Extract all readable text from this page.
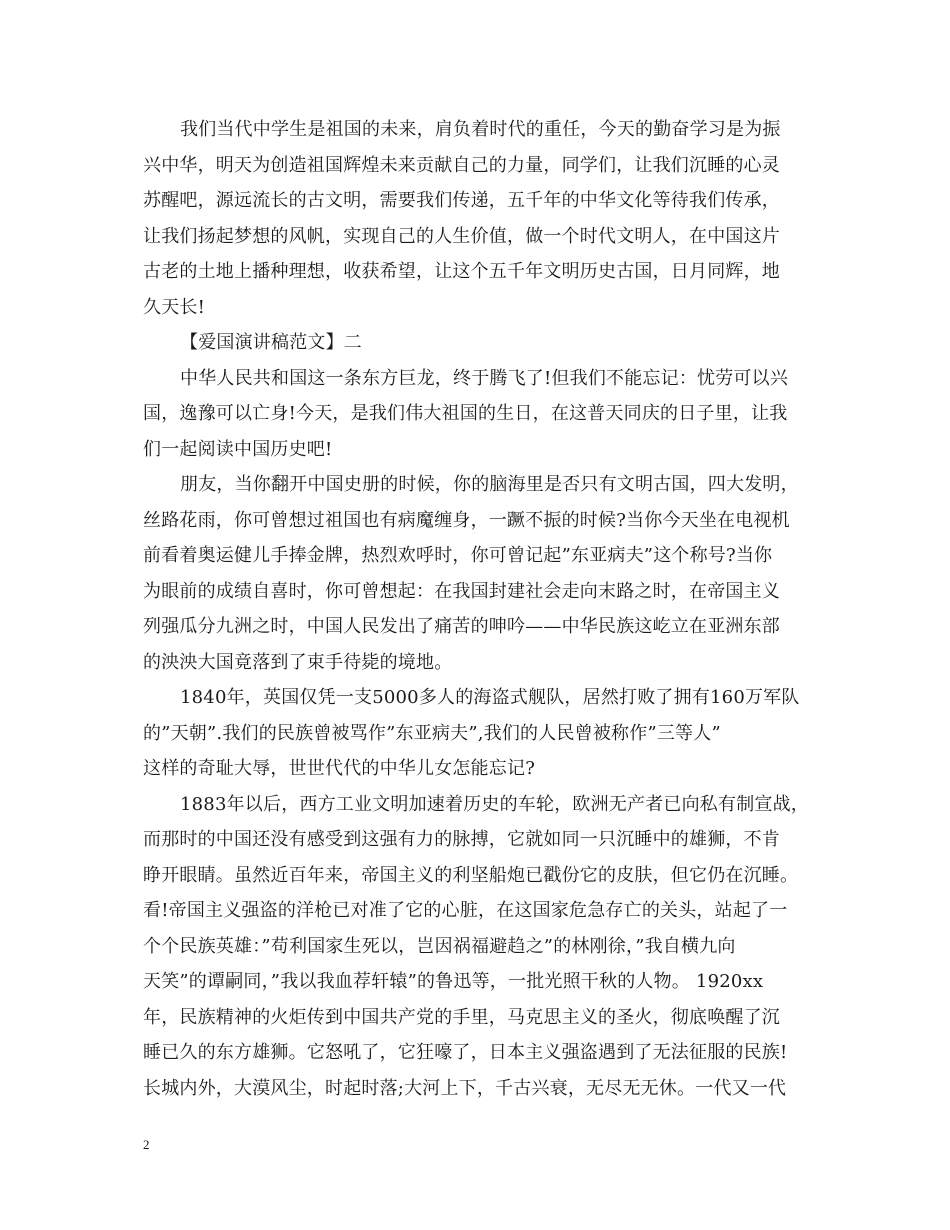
我们当代中学生是祖国的未来，肩负着时代的重任，今天的勤奋学习是为振
兴中华，明天为创造祖国辉煌未来贡献自己的力量，同学们，让我们沉睡的心灵
苏醒吧，源远流长的古文明，需要我们传递，五千年的中华文化等待我们传承，
让我们扬起梦想的风帆，实现自己的人生价值，做一个时代文明人，在中国这片
古老的土地上播种理想，收获希望，让这个五千年文明历史古国，日月同辉，地
久天长!
【爱国演讲稿范文】二
中华人民共和国这一条东方巨龙，终于腾飞了!但我们不能忘记：忧劳可以兴
国，逸豫可以亡身!今天，是我们伟大祖国的生日，在这普天同庆的日子里，让我
们一起阅读中国历史吧!
朋友，当你翻开中国史册的时候，你的脑海里是否只有文明古国，四大发明，
丝路花雨，你可曾想过祖国也有病魔缠身，一蹶不振的时候?当你今天坐在电视机
前看着奥运健儿手捧金牌，热烈欢呼时，你可曾记起”东亚病夫”这个称号?当你
为眼前的成绩自喜时，你可曾想起：在我国封建社会走向末路之时，在帝国主义
列强瓜分九洲之时，中国人民发出了痛苦的呻吟——中华民族这屹立在亚洲东部
的泱泱大国竟落到了束手待毙的境地。
1840年，英国仅凭一支5000多人的海盗式舰队，居然打败了拥有160万军队
的”天朝”.我们的民族曾被骂作”东亚病夫”,我们的人民曾被称作”三等人”
这样的奇耻大辱，世世代代的中华儿女怎能忘记?
1883年以后，西方工业文明加速着历史的车轮，欧洲无产者已向私有制宣战，
而那时的中国还没有感受到这强有力的脉搏，它就如同一只沉睡中的雄狮，不肯
睁开眼睛。虽然近百年来，帝国主义的利坚船炮已戳份它的皮肤，但它仍在沉睡。
看!帝国主义强盗的洋枪已对准了它的心脏，在这国家危急存亡的关头，站起了一
个个民族英雄：”苟利国家生死以，岂因祸福避趋之”的林刚徐，”我自横九向
天笑”的谭嗣同，”我以我血荐轩辕”的鲁迅等，一批光照干秋的人物。 1920xx
年，民族精神的火炬传到中国共产党的手里，马克思主义的圣火，彻底唤醒了沉
睡已久的东方雄狮。它怒吼了，它狂嚎了，日本主义强盗遇到了无法征服的民族!
长城内外，大漠风尘，时起时落;大河上下，千古兴衰，无尽无无休。一代又一代
2
